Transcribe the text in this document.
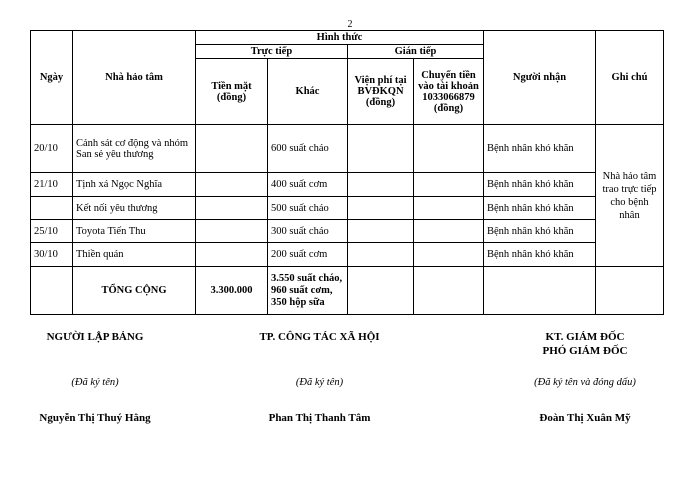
2
Ngày	Nhà hảo tâm	Hình thức				Người nhận	Ghi chú
		Trực tiếp		Gián tiếp			
		Tiền mặt (đồng)	Khác	Viện phí tại BVĐKQN (đồng)	Chuyển tiền vào tài khoản 1033066879 (đồng)		
20/10	Cảnh sát cơ động và nhóm San sẻ yêu thương		600 suất cháo			Bệnh nhân khó khăn	Nhà hảo tâm trao trực tiếp cho bệnh nhân
21/10	Tịnh xá Ngọc Nghĩa		400 suất cơm			Bệnh nhân khó khăn	
	Kết nối yêu thương		500 suất cháo			Bệnh nhân khó khăn	
25/10	Toyota Tiến Thu		300 suất cháo			Bệnh nhân khó khăn	
30/10	Thiền quán		200 suất cơm			Bệnh nhân khó khăn	
	TỔNG CỘNG	3.300.000	3.550 suất cháo,
960 suất cơm,
350 hộp sữa				

NGƯỜI LẬP BẢNG
(Đã ký tên)
Nguyễn Thị Thuý Hằng
TP. CÔNG TÁC XÃ HỘI
(Đã ký tên)
Phan Thị Thanh Tâm
KT. GIÁM ĐỐC
PHÓ GIÁM ĐỐC
(Đã ký tên và đóng dấu)
Đoàn Thị Xuân Mỹ
